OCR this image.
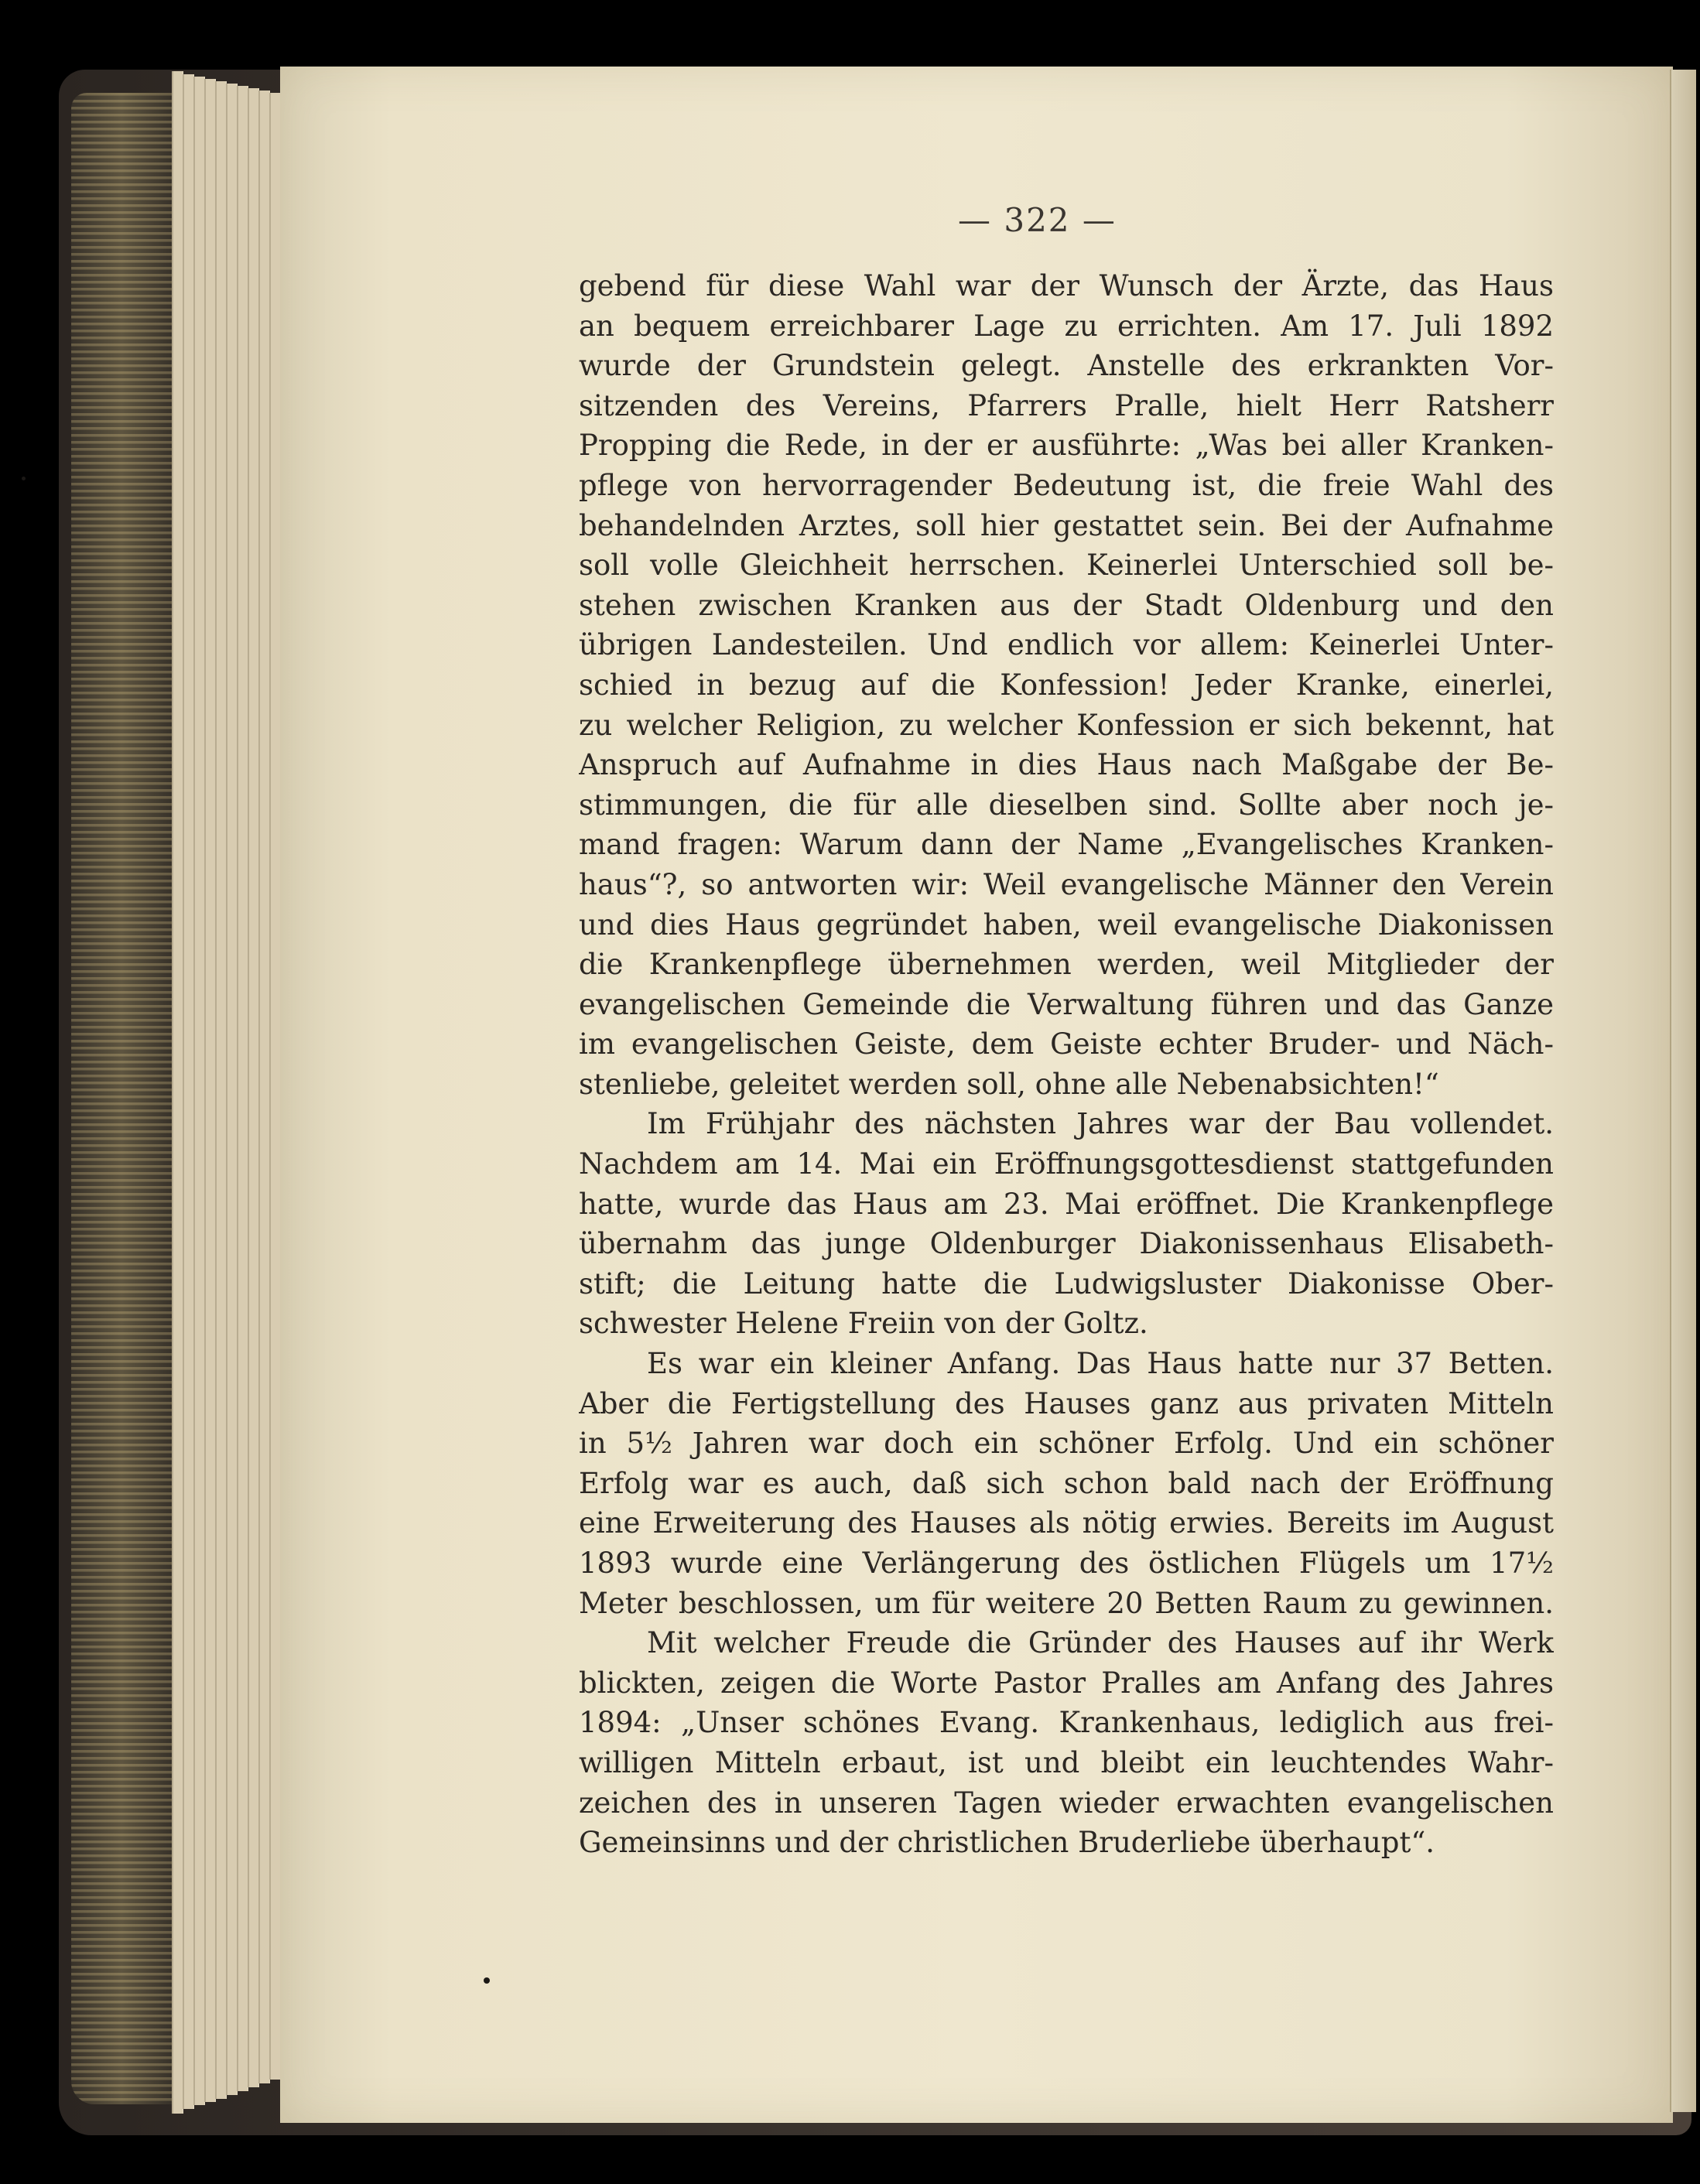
— 322 —
gebend für diese Wahl war der Wunsch der Ärzte, das Haus
an bequem erreichbarer Lage zu errichten. Am 17. Juli 1892
wurde der Grundstein gelegt. Anstelle des erkrankten Vor-
sitzenden des Vereins, Pfarrers Pralle, hielt Herr Ratsherr
Propping die Rede, in der er ausführte: „Was bei aller Kranken-
pflege von hervorragender Bedeutung ist, die freie Wahl des
behandelnden Arztes, soll hier gestattet sein. Bei der Aufnahme
soll volle Gleichheit herrschen. Keinerlei Unterschied soll be-
stehen zwischen Kranken aus der Stadt Oldenburg und den
übrigen Landesteilen. Und endlich vor allem: Keinerlei Unter-
schied in bezug auf die Konfession! Jeder Kranke, einerlei,
zu welcher Religion, zu welcher Konfession er sich bekennt, hat
Anspruch auf Aufnahme in dies Haus nach Maßgabe der Be-
stimmungen, die für alle dieselben sind. Sollte aber noch je-
mand fragen: Warum dann der Name „Evangelisches Kranken-
haus“?, so antworten wir: Weil evangelische Männer den Verein
und dies Haus gegründet haben, weil evangelische Diakonissen
die Krankenpflege übernehmen werden, weil Mitglieder der
evangelischen Gemeinde die Verwaltung führen und das Ganze
im evangelischen Geiste, dem Geiste echter Bruder- und Näch-
stenliebe, geleitet werden soll, ohne alle Nebenabsichten!“
Im Frühjahr des nächsten Jahres war der Bau vollendet.
Nachdem am 14. Mai ein Eröffnungsgottesdienst stattgefunden
hatte, wurde das Haus am 23. Mai eröffnet. Die Krankenpflege
übernahm das junge Oldenburger Diakonissenhaus Elisabeth-
stift; die Leitung hatte die Ludwigsluster Diakonisse Ober-
schwester Helene Freiin von der Goltz.
Es war ein kleiner Anfang. Das Haus hatte nur 37 Betten.
Aber die Fertigstellung des Hauses ganz aus privaten Mitteln
in 5½ Jahren war doch ein schöner Erfolg. Und ein schöner
Erfolg war es auch, daß sich schon bald nach der Eröffnung
eine Erweiterung des Hauses als nötig erwies. Bereits im August
1893 wurde eine Verlängerung des östlichen Flügels um 17½
Meter beschlossen, um für weitere 20 Betten Raum zu gewinnen.
Mit welcher Freude die Gründer des Hauses auf ihr Werk
blickten, zeigen die Worte Pastor Pralles am Anfang des Jahres
1894: „Unser schönes Evang. Krankenhaus, lediglich aus frei-
willigen Mitteln erbaut, ist und bleibt ein leuchtendes Wahr-
zeichen des in unseren Tagen wieder erwachten evangelischen
Gemeinsinns und der christlichen Bruderliebe überhaupt“.
